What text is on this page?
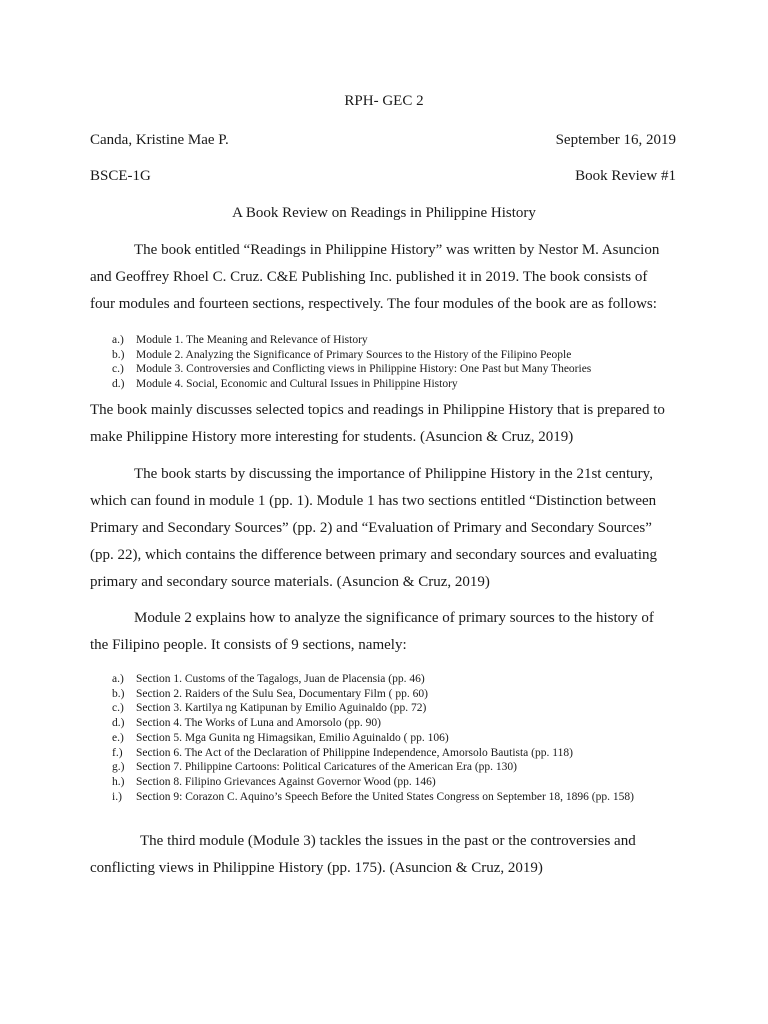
RPH- GEC 2
Canda, Kristine Mae P.	September 16, 2019
BSCE-1G	Book Review #1
A Book Review on Readings in Philippine History

The book entitled “Readings in Philippine History” was written by Nestor M. Asuncion and Geoffrey Rhoel C. Cruz. C&E Publishing Inc. published it in 2019. The book consists of four modules and fourteen sections, respectively. The four modules of the book are as follows:

a.)	Module 1. The Meaning and Relevance of History
b.)	Module 2. Analyzing the Significance of Primary Sources to the History of the Filipino People
c.)	Module 3. Controversies and Conflicting views in Philippine History: One Past but Many Theories
d.)	Module 4. Social, Economic and Cultural Issues in Philippine History

The book mainly discusses selected topics and readings in Philippine History that is prepared to make Philippine History more interesting for students. (Asuncion & Cruz, 2019)

The book starts by discussing the importance of Philippine History in the 21st century, which can found in module 1 (pp. 1). Module 1 has two sections entitled “Distinction between Primary and Secondary Sources” (pp. 2) and “Evaluation of Primary and Secondary Sources” (pp. 22), which contains the difference between primary and secondary sources and evaluating primary and secondary source materials. (Asuncion & Cruz, 2019)

Module 2 explains how to analyze the significance of primary sources to the history of the Filipino people. It consists of 9 sections, namely:

a.)	Section 1. Customs of the Tagalogs, Juan de Placensia (pp. 46)
b.)	Section 2. Raiders of the Sulu Sea, Documentary Film ( pp. 60)
c.)	Section 3. Kartilya ng Katipunan by Emilio Aguinaldo (pp. 72)
d.)	Section 4. The Works of Luna and Amorsolo (pp. 90)
e.)	Section 5. Mga Gunita ng Himagsikan, Emilio Aguinaldo ( pp. 106)
f.)	Section 6. The Act of the Declaration of Philippine Independence, Amorsolo Bautista (pp. 118)
g.)	Section 7. Philippine Cartoons: Political Caricatures of the American Era (pp. 130)
h.)	Section 8. Filipino Grievances Against Governor Wood (pp. 146)
i.)	Section 9: Corazon C. Aquino’s Speech Before the United States Congress on September 18, 1896 (pp. 158)

The third module (Module 3) tackles the issues in the past or the controversies and conflicting views in Philippine History (pp. 175). (Asuncion & Cruz, 2019)
